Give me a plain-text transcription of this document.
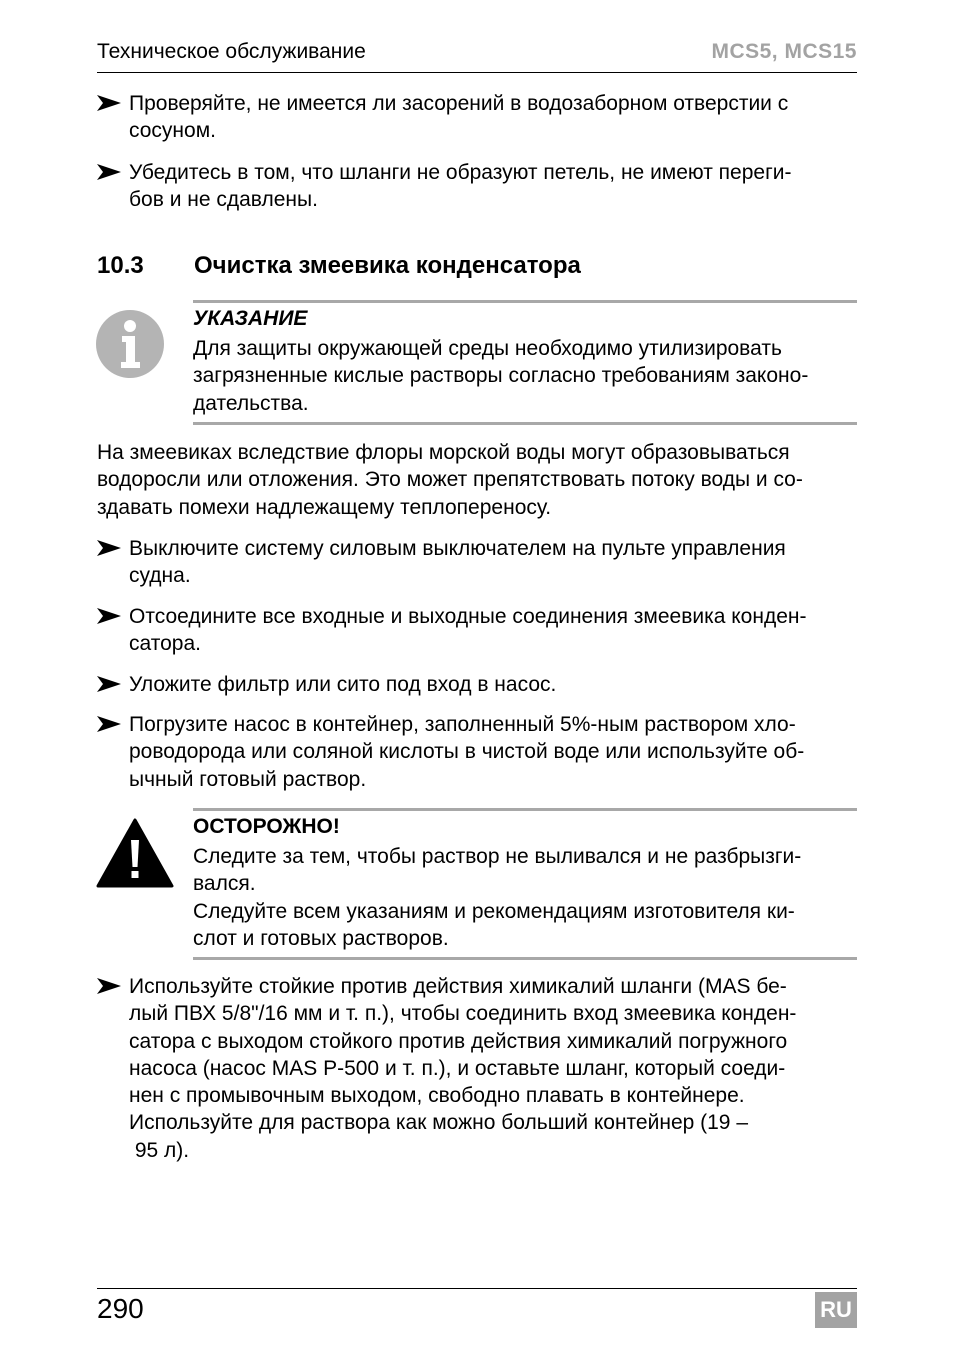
Техническое обслуживание	MCS5, MCS15
Проверяйте, не имеется ли засорений в водозаборном отверстии с
сосуном.
Убедитесь в том, что шланги не образуют петель, не имеют переги-
бов и не сдавлены.
10.3 Очистка змеевика конденсатора
УКАЗАНИЕ
Для защиты окружающей среды необходимо утилизировать
загрязненные кислые растворы согласно требованиям законо-
дательства.
На змеевиках вследствие флоры морской воды могут образовываться
водоросли или отложения. Это может препятствовать потоку воды и со-
здавать помехи надлежащему теплопереносу.
Выключите систему силовым выключателем на пульте управления
судна.
Отсоедините все входные и выходные соединения змеевика конден-
сатора.
Уложите фильтр или сито под вход в насос.
Погрузите насос в контейнер, заполненный 5%-ным раствором хло-
роводорода или соляной кислоты в чистой воде или используйте об-
ычный готовый раствор.
ОСТОРОЖНО!
Следите за тем, чтобы раствор не выливался и не разбрызги-
вался.
Следуйте всем указаниям и рекомендациям изготовителя ки-
слот и готовых растворов.
Используйте стойкие против действия химикалий шланги (MAS бе-
лый ПВХ 5/8"/16 мм и т. п.), чтобы соединить вход змеевика конден-
сатора с выходом стойкого против действия химикалий погружного
насоса (насос MAS P-500 и т. п.), и оставьте шланг, который соеди-
нен с промывочным выходом, свободно плавать в контейнере.
Используйте для раствора как можно больший контейнер (19 –
95 л).
290	RU
